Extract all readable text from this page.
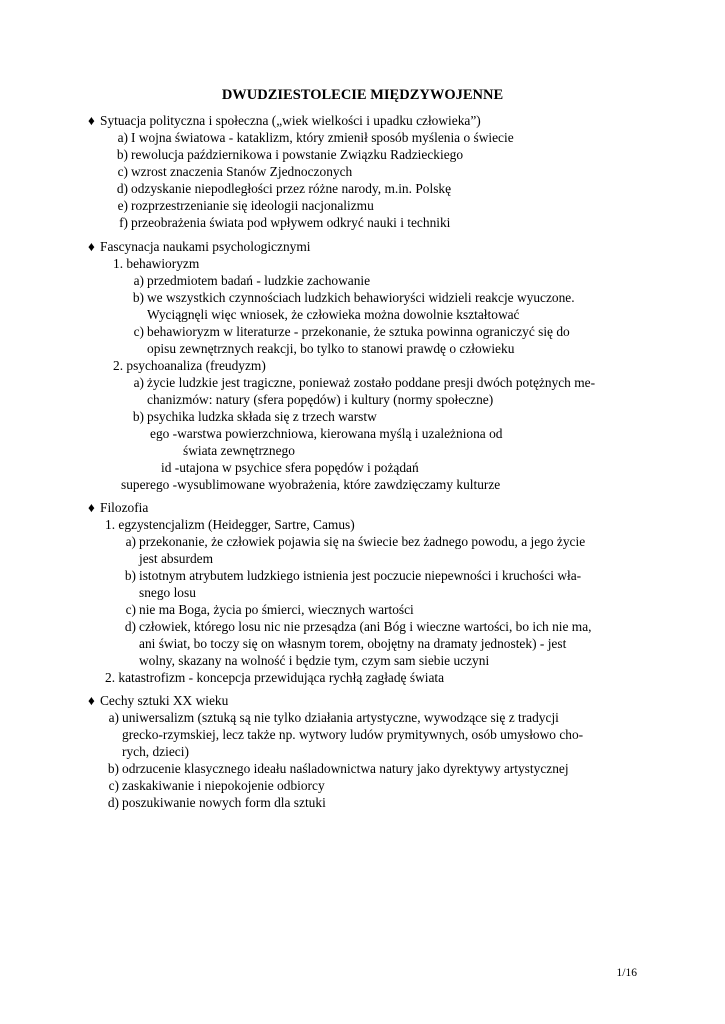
DWUDZIESTOLECIE MIĘDZYWOJENNE
♦ Sytuacja polityczna i społeczna („wiek wielkości i upadku człowieka”)
a) I wojna światowa - kataklizm, który zmienił sposób myślenia o świecie
b) rewolucja październikowa i powstanie Związku Radzieckiego
c) wzrost znaczenia Stanów Zjednoczonych
d) odzyskanie niepodległości przez różne narody, m.in. Polskę
e) rozprzestrzenianie się ideologii nacjonalizmu
f) przeobrażenia świata pod wpływem odkryć nauki i techniki
♦ Fascynacja naukami psychologicznymi
1. behawioryzm
a) przedmiotem badań - ludzkie zachowanie
b) we wszystkich czynnościach ludzkich behawioryści widzieli reakcje wyuczone.
Wyciągnęli więc wniosek, że człowieka można dowolnie kształtować
c) behawioryzm w literaturze - przekonanie, że sztuka powinna ograniczyć się do
opisu zewnętrznych reakcji, bo tylko to stanowi prawdę o człowieku
2. psychoanaliza (freudyzm)
a) życie ludzkie jest tragiczne, ponieważ zostało poddane presji dwóch potężnych me-
chanizmów: natury (sfera popędów) i kultury (normy społeczne)
b) psychika ludzka składa się z trzech warstw
ego -warstwa powierzchniowa, kierowana myślą i uzależniona od
świata zewnętrznego
id -utajona w psychice sfera popędów i pożądań
superego -wysublimowane wyobrażenia, które zawdzięczamy kulturze
♦ Filozofia
1. egzystencjalizm (Heidegger, Sartre, Camus)
a) przekonanie, że człowiek pojawia się na świecie bez żadnego powodu, a jego życie
jest absurdem
b) istotnym atrybutem ludzkiego istnienia jest poczucie niepewności i kruchości wła-
snego losu
c) nie ma Boga, życia po śmierci, wiecznych wartości
d) człowiek, którego losu nic nie przesądza (ani Bóg i wieczne wartości, bo ich nie ma,
ani świat, bo toczy się on własnym torem, obojętny na dramaty jednostek) - jest
wolny, skazany na wolność i będzie tym, czym sam siebie uczyni
2. katastrofizm - koncepcja przewidująca rychłą zagładę świata
♦ Cechy sztuki XX wieku
a) uniwersalizm (sztuką są nie tylko działania artystyczne, wywodzące się z tradycji
grecko-rzymskiej, lecz także np. wytwory ludów prymitywnych, osób umysłowo cho-
rych, dzieci)
b) odrzucenie klasycznego ideału naśladownictwa natury jako dyrektywy artystycznej
c) zaskakiwanie i niepokojenie odbiorcy
d) poszukiwanie nowych form dla sztuki
1/16
